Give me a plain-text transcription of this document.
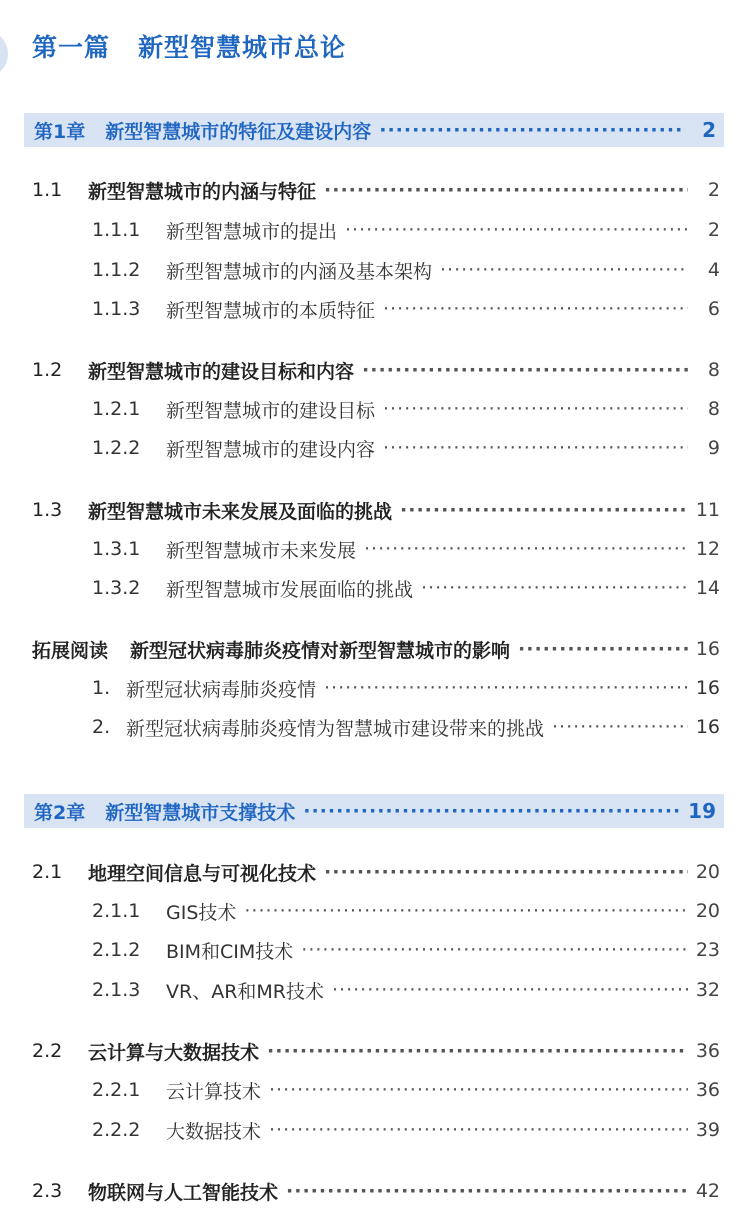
第一篇 新型智慧城市总论
第1章	新型智慧城市的特征及建设内容 ·····	2
1.1	新型智慧城市的内涵与特征 ·····	2
1.1.1	新型智慧城市的提出 ·····	2
1.1.2	新型智慧城市的内涵及基本架构 ·····	4
1.1.3	新型智慧城市的本质特征 ·····	6
1.2	新型智慧城市的建设目标和内容 ·····	8
1.2.1	新型智慧城市的建设目标 ·····	8
1.2.2	新型智慧城市的建设内容 ·····	9
1.3	新型智慧城市未来发展及面临的挑战 ·····	11
1.3.1	新型智慧城市未来发展 ·····	12
1.3.2	新型智慧城市发展面临的挑战 ·····	14
拓展阅读	新型冠状病毒肺炎疫情对新型智慧城市的影响 ·····	16
1. 新型冠状病毒肺炎疫情 ·····	16
2. 新型冠状病毒肺炎疫情为智慧城市建设带来的挑战 ·····	16
第2章	新型智慧城市支撑技术 ·····	19
2.1	地理空间信息与可视化技术 ·····	20
2.1.1	GIS技术 ·····	20
2.1.2	BIM和CIM技术 ·····	23
2.1.3	VR、AR和MR技术 ·····	32
2.2	云计算与大数据技术 ·····	36
2.2.1	云计算技术 ·····	36
2.2.2	大数据技术 ·····	39
2.3	物联网与人工智能技术 ·····	42
